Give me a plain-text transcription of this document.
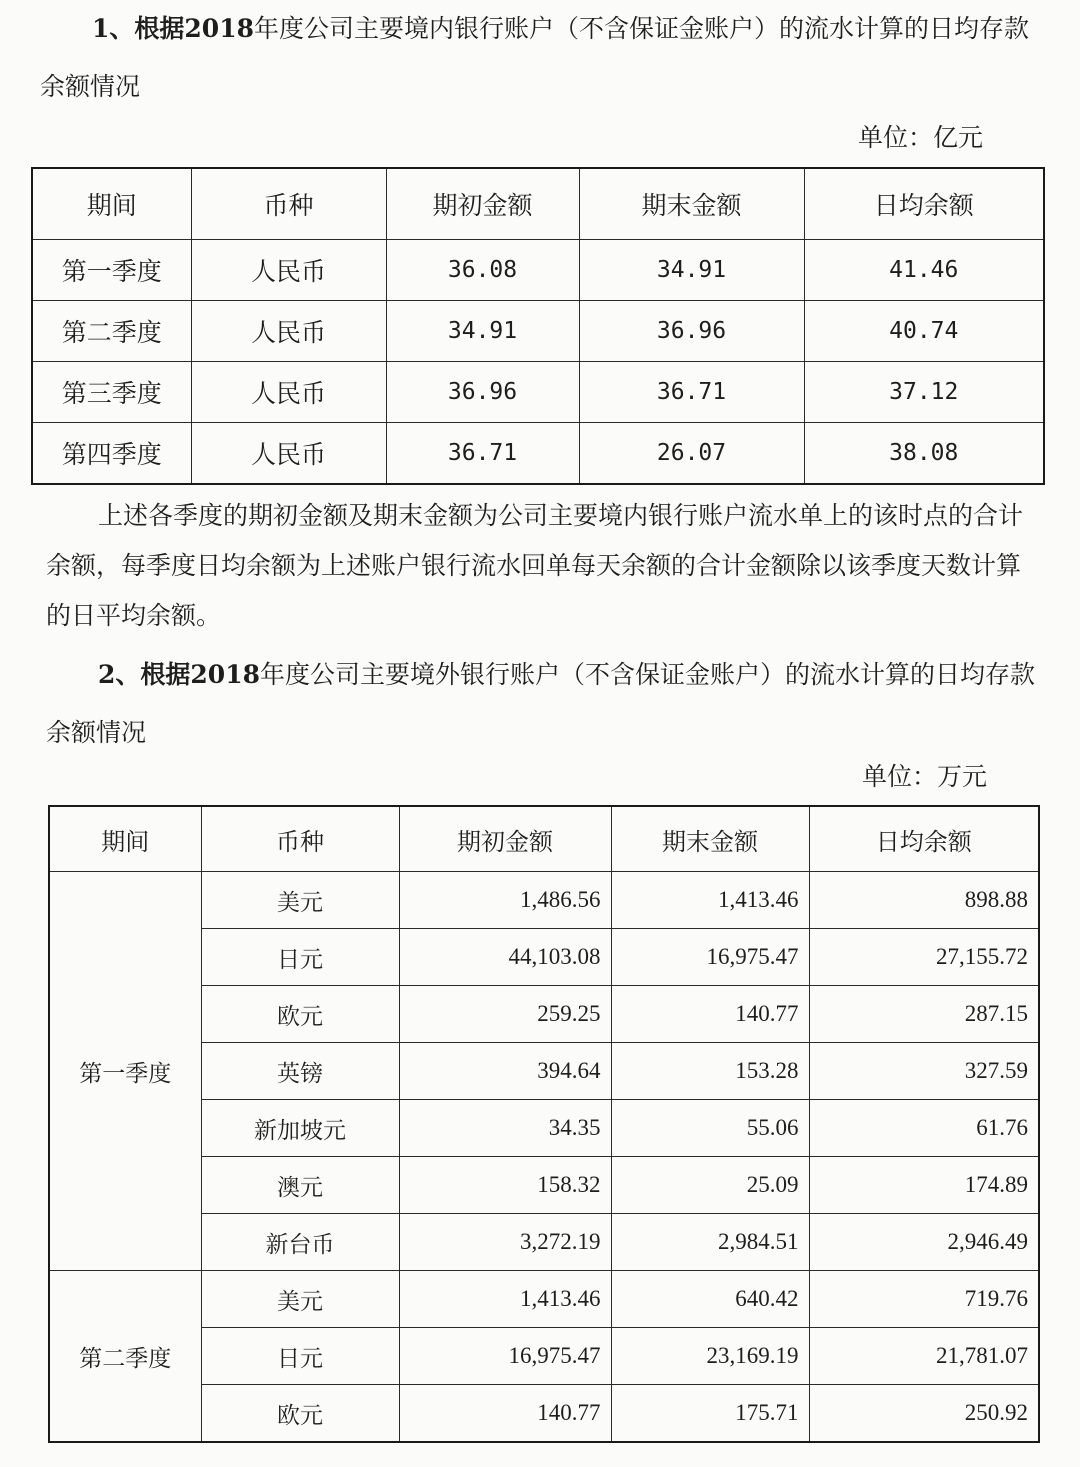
1、根据2018年度公司主要境内银行账户（不含保证金账户）的流水计算的日均存款余额情况
单位：亿元
期间	币种	期初金额	期末金额	日均余额
第一季度	人民币	36.08	34.91	41.46
第二季度	人民币	34.91	36.96	40.74
第三季度	人民币	36.96	36.71	37.12
第四季度	人民币	36.71	26.07	38.08
上述各季度的期初金额及期末金额为公司主要境内银行账户流水单上的该时点的合计余额，每季度日均余额为上述账户银行流水回单每天余额的合计金额除以该季度天数计算的日平均余额。
2、根据2018年度公司主要境外银行账户（不含保证金账户）的流水计算的日均存款余额情况
单位：万元
期间	币种	期初金额	期末金额	日均余额
第一季度	美元	1,486.56	1,413.46	898.88
	日元	44,103.08	16,975.47	27,155.72
	欧元	259.25	140.77	287.15
	英镑	394.64	153.28	327.59
	新加坡元	34.35	55.06	61.76
	澳元	158.32	25.09	174.89
	新台币	3,272.19	2,984.51	2,946.49
第二季度	美元	1,413.46	640.42	719.76
	日元	16,975.47	23,169.19	21,781.07
	欧元	140.77	175.71	250.92
